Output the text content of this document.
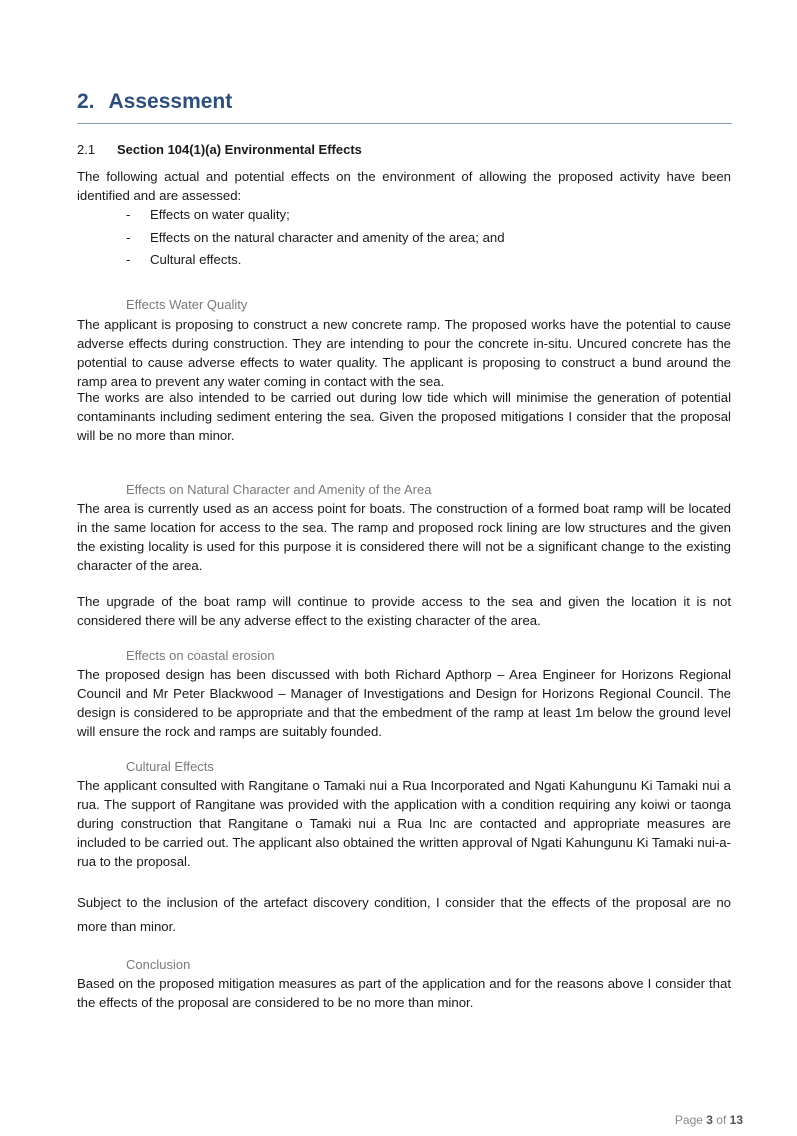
2. Assessment
2.1	Section 104(1)(a) Environmental Effects

The following actual and potential effects on the environment of allowing the proposed activity have been identified and are assessed:

-	Effects on water quality;
-	Effects on the natural character and amenity of the area; and
-	Cultural effects.
Effects Water Quality

The applicant is proposing to construct a new concrete ramp. The proposed works have the potential to cause adverse effects during construction. They are intending to pour the concrete in-situ. Uncured concrete has the potential to cause adverse effects to water quality. The applicant is proposing to construct a bund around the ramp area to prevent any water coming in contact with the sea.

The works are also intended to be carried out during low tide which will minimise the generation of potential contaminants including sediment entering the sea. Given the proposed mitigations I consider that the proposal will be no more than minor.

Effects on Natural Character and Amenity of the Area

The area is currently used as an access point for boats. The construction of a formed boat ramp will be located in the same location for access to the sea. The ramp and proposed rock lining are low structures and the given the existing locality is used for this purpose it is considered there will not be a significant change to the existing character of the area.

The upgrade of the boat ramp will continue to provide access to the sea and given the location it is not considered there will be any adverse effect to the existing character of the area.

Effects on coastal erosion

The proposed design has been discussed with both Richard Apthorp – Area Engineer for Horizons Regional Council and Mr Peter Blackwood – Manager of Investigations and Design for Horizons Regional Council. The design is considered to be appropriate and that the embedment of the ramp at least 1m below the ground level will ensure the rock and ramps are suitably founded.

Cultural Effects

The applicant consulted with Rangitane o Tamaki nui a Rua Incorporated and Ngati Kahungunu Ki Tamaki nui a rua. The support of Rangitane was provided with the application with a condition requiring any koiwi or taonga during construction that Rangitane o Tamaki nui a Rua Inc are contacted and appropriate measures are included to be carried out. The applicant also obtained the written approval of Ngati Kahungunu Ki Tamaki nui-a-rua to the proposal.

Subject to the inclusion of the artefact discovery condition, I consider that the effects of the proposal are no more than minor.

Conclusion

Based on the proposed mitigation measures as part of the application and for the reasons above I consider that the effects of the proposal are considered to be no more than minor.

Page 3 of 13
